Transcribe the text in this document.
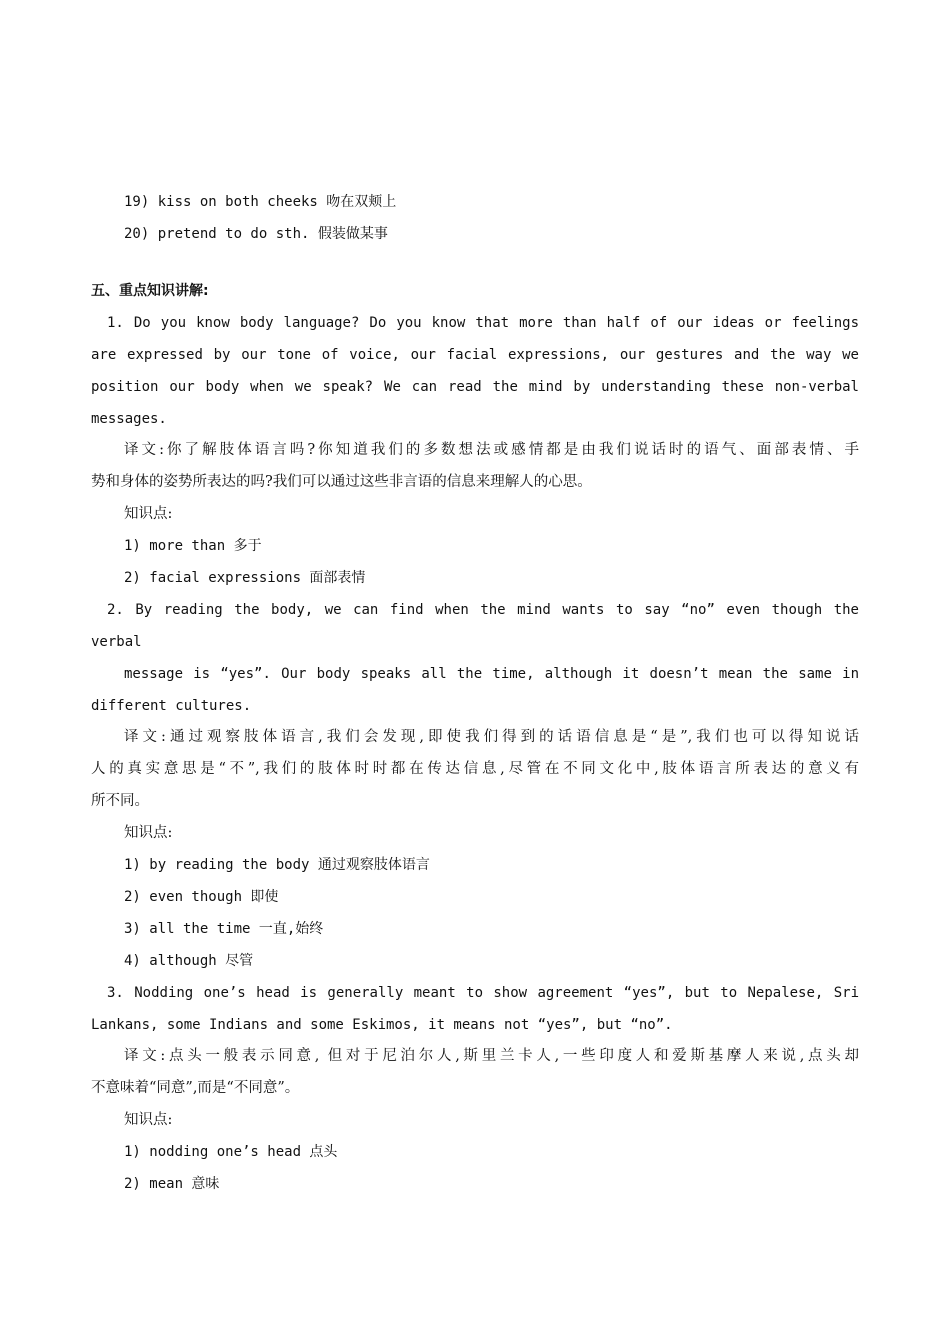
19) kiss on both cheeks 吻在双颊上
20) pretend to do sth. 假装做某事
五、重点知识讲解:
1. Do you know body language? Do you know that more than half of our ideas or feelings
are expressed by our tone of voice, our facial expressions, our gestures and the way we
position our body when we speak? We can read the mind by understanding these non-verbal
messages.
译文:你了解肢体语言吗?你知道我们的多数想法或感情都是由我们说话时的语气、面部表情、手
势和身体的姿势所表达的吗?我们可以通过这些非言语的信息来理解人的心思。
知识点:
1) more than 多于
2) facial expressions 面部表情
2. By reading the body, we can find when the mind wants to say “no” even though the
verbal
message is “yes”. Our body speaks all the time, although it doesn’t mean the same in
different cultures.
译文:通过观察肢体语言,我们会发现,即使我们得到的话语信息是“是”,我们也可以得知说话
人的真实意思是“不”,我们的肢体时时都在传达信息,尽管在不同文化中,肢体语言所表达的意义有
所不同。
知识点:
1) by reading the body 通过观察肢体语言
2) even though 即使
3) all the time 一直,始终
4) although 尽管
3. Nodding one’s head is generally meant to show agreement “yes”, but to Nepalese, Sri
Lankans, some Indians and some Eskimos, it means not “yes”, but “no”.
译文:点头一般表示同意, 但对于尼泊尔人,斯里兰卡人,一些印度人和爱斯基摩人来说,点头却
不意味着“同意”,而是“不同意”。
知识点:
1) nodding one’s head 点头
2) mean 意味
